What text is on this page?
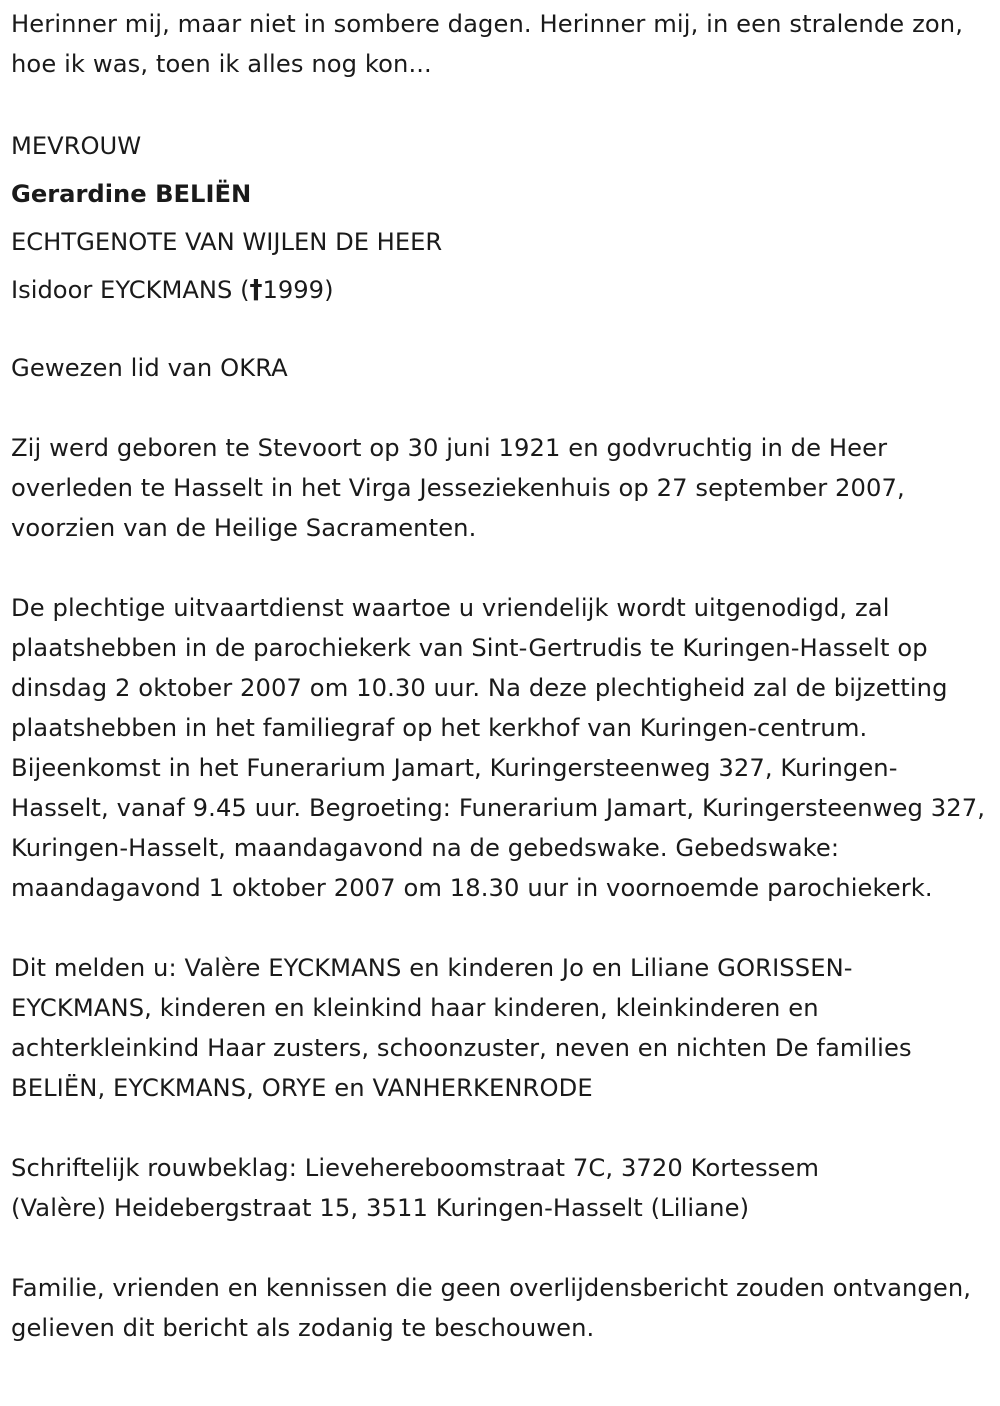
Herinner mij, maar niet in sombere dagen. Herinner mij, in een stralende zon, hoe ik was, toen ik alles nog kon...

MEVROUW
Gerardine BELIËN
ECHTGENOTE VAN WIJLEN DE HEER
Isidoor EYCKMANS (†1999)

Gewezen lid van OKRA

Zij werd geboren te Stevoort op 30 juni 1921 en godvruchtig in de Heer overleden te Hasselt in het Virga Jesseziekenhuis op 27 september 2007, voorzien van de Heilige Sacramenten.

De plechtige uitvaartdienst waartoe u vriendelijk wordt uitgenodigd, zal plaatshebben in de parochiekerk van Sint-Gertrudis te Kuringen-Hasselt op dinsdag 2 oktober 2007 om 10.30 uur. Na deze plechtigheid zal de bijzetting plaatshebben in het familiegraf op het kerkhof van Kuringen-centrum. Bijeenkomst in het Funerarium Jamart, Kuringersteenweg 327, Kuringen-Hasselt, vanaf 9.45 uur. Begroeting: Funerarium Jamart, Kuringersteenweg 327, Kuringen-Hasselt, maandagavond na de gebedswake. Gebedswake: maandagavond 1 oktober 2007 om 18.30 uur in voornoemde parochiekerk.

Dit melden u: Valère EYCKMANS en kinderen Jo en Liliane GORISSEN-EYCKMANS, kinderen en kleinkind haar kinderen, kleinkinderen en achterkleinkind Haar zusters, schoonzuster, neven en nichten De families BELIËN, EYCKMANS, ORYE en VANHERKENRODE

Schriftelijk rouwbeklag: Lievehereboomstraat 7C, 3720 Kortessem

(Valère) Heidebergstraat 15, 3511 Kuringen-Hasselt (Liliane)

Familie, vrienden en kennissen die geen overlijdensbericht zouden ontvangen, gelieven dit bericht als zodanig te beschouwen.
